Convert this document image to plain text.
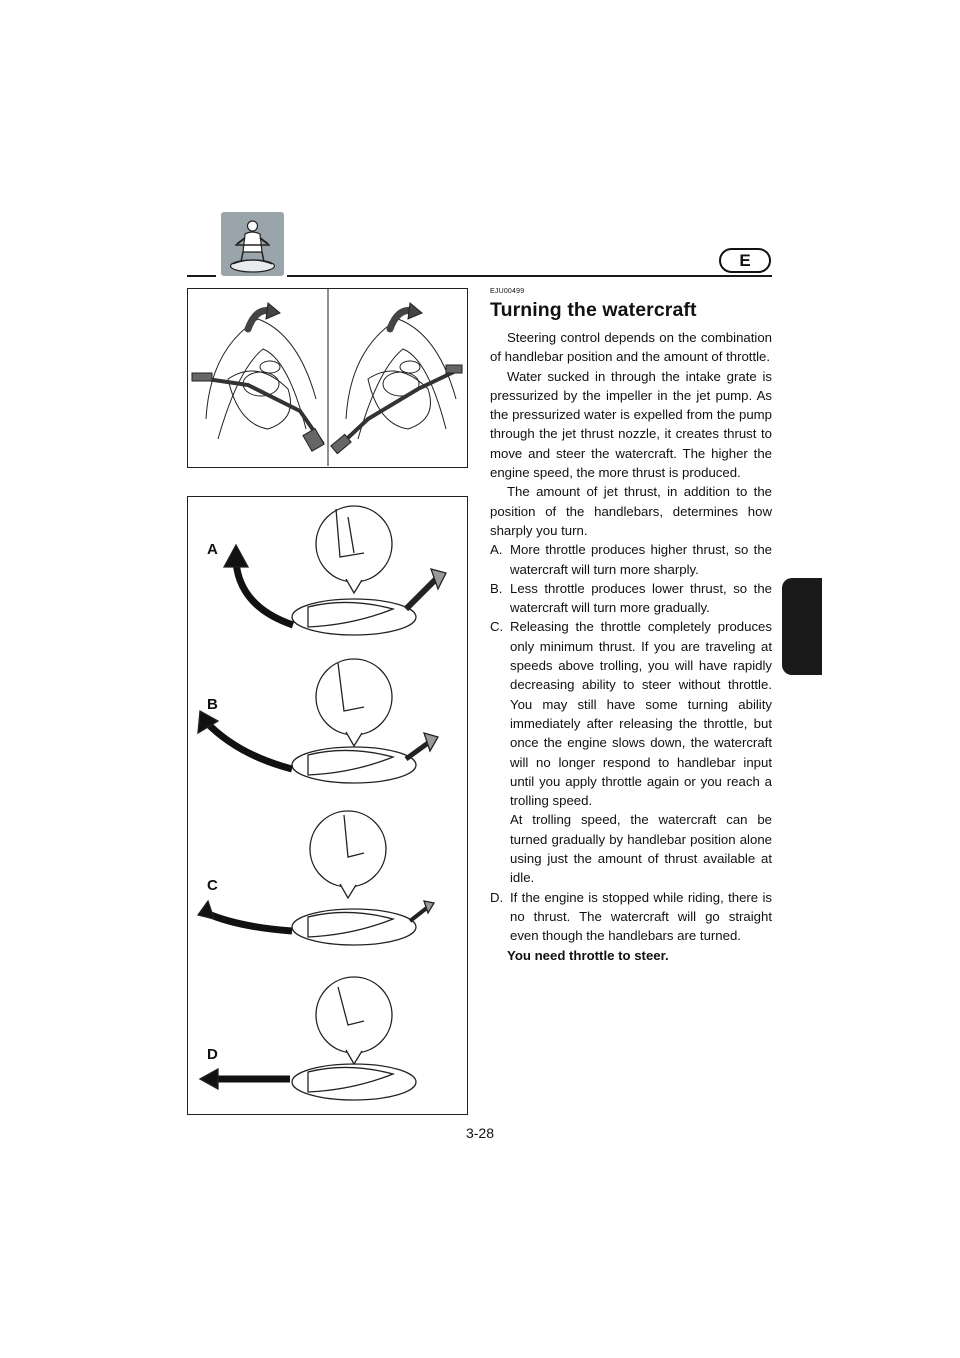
E
A
B
C
D
EJU00499
Turning the watercraft

Steering control depends on the combination of handlebar position and the amount of throttle.

Water sucked in through the intake grate is pressurized by the impeller in the jet pump. As the pressurized water is expelled from the pump through the jet thrust nozzle, it creates thrust to move and steer the watercraft. The higher the engine speed, the more thrust is produced.

The amount of jet thrust, in addition to the position of the handlebars, determines how sharply you turn.

A. More throttle produces higher thrust, so the watercraft will turn more sharply.
B. Less throttle produces lower thrust, so the watercraft will turn more gradually.
C. Releasing the throttle completely produces only minimum thrust. If you are traveling at speeds above trolling, you will have rapidly decreasing ability to steer without throttle. You may still have some turning ability immediately after releasing the throttle, but once the engine slows down, the watercraft will no longer respond to handlebar input until you apply throttle again or you reach a trolling speed.

At trolling speed, the watercraft can be turned gradually by handlebar position alone using just the amount of thrust available at idle.

D. If the engine is stopped while riding, there is no thrust. The watercraft will go straight even though the handlebars are turned.

You need throttle to steer.

3-28
